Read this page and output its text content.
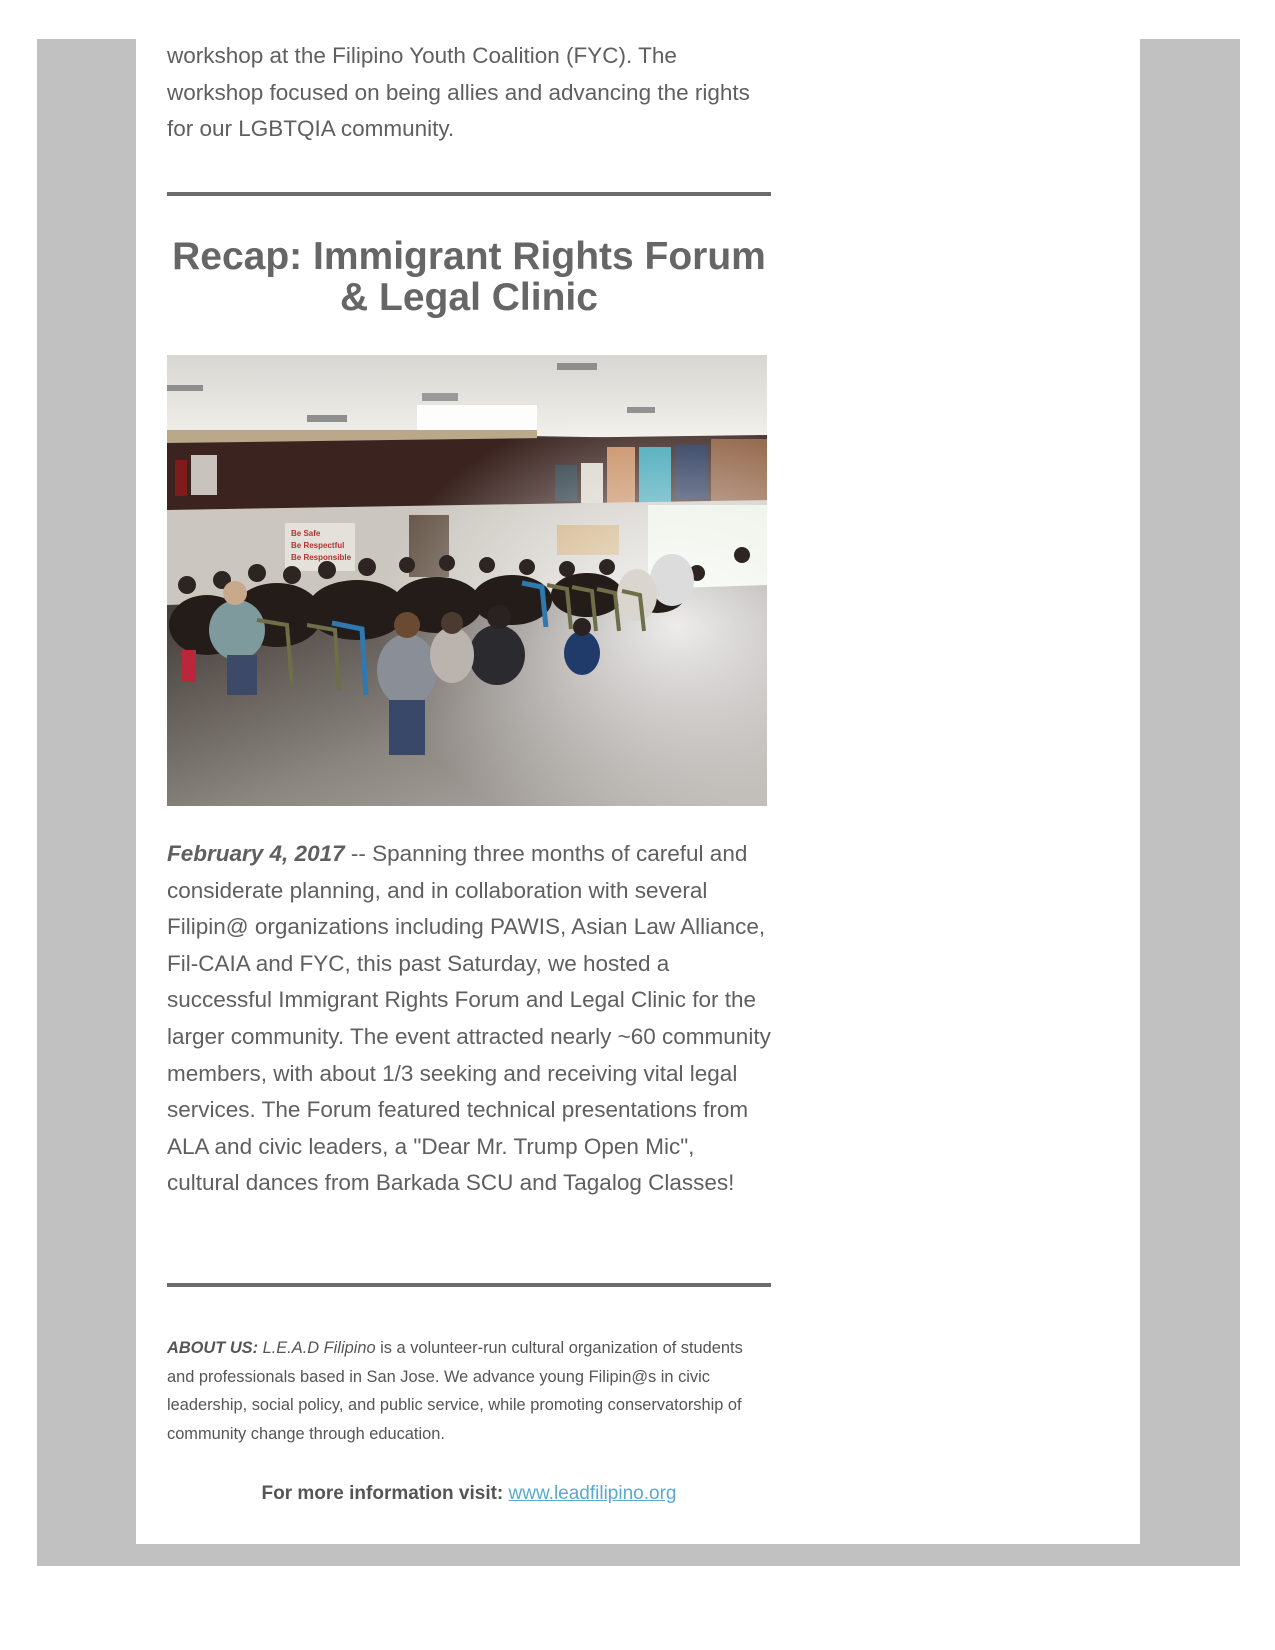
workshop at the Filipino Youth Coalition (FYC). The workshop focused on being allies and advancing the rights for our LGBTQIA community.

Recap: Immigrant Rights Forum & Legal Clinic

February 4, 2017 -- Spanning three months of careful and considerate planning, and in collaboration with several Filipin@ organizations including PAWIS, Asian Law Alliance, Fil-CAIA and FYC, this past Saturday, we hosted a successful Immigrant Rights Forum and Legal Clinic for the larger community. The event attracted nearly ~60 community members, with about 1/3 seeking and receiving vital legal services. The Forum featured technical presentations from ALA and civic leaders, a "Dear Mr. Trump Open Mic", cultural dances from Barkada SCU and Tagalog Classes!

ABOUT US: L.E.A.D Filipino is a volunteer-run cultural organization of students and professionals based in San Jose. We advance young Filipin@s in civic leadership, social policy, and public service, while promoting conservatorship of community change through education.

For more information visit: www.leadfilipino.org
